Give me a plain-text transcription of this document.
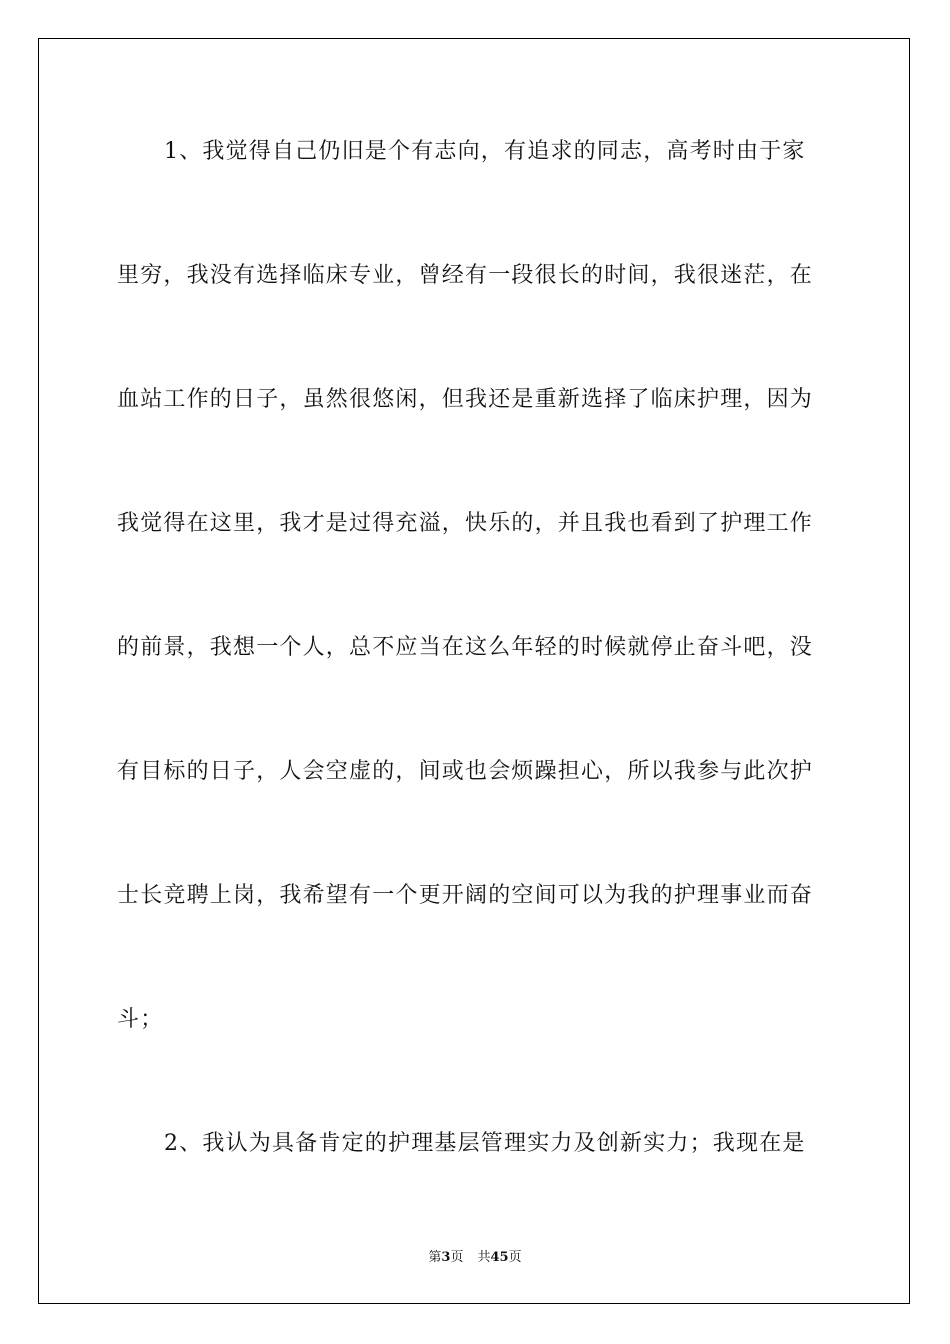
1、我觉得自己仍旧是个有志向，有追求的同志，高考时由于家
里穷，我没有选择临床专业，曾经有一段很长的时间，我很迷茫，在
血站工作的日子，虽然很悠闲，但我还是重新选择了临床护理，因为
我觉得在这里，我才是过得充溢，快乐的，并且我也看到了护理工作
的前景，我想一个人，总不应当在这么年轻的时候就停止奋斗吧，没
有目标的日子，人会空虚的，间或也会烦躁担心，所以我参与此次护
士长竞聘上岗，我希望有一个更开阔的空间可以为我的护理事业而奋
斗；
2、我认为具备肯定的护理基层管理实力及创新实力；我现在是
第3页 共45页
